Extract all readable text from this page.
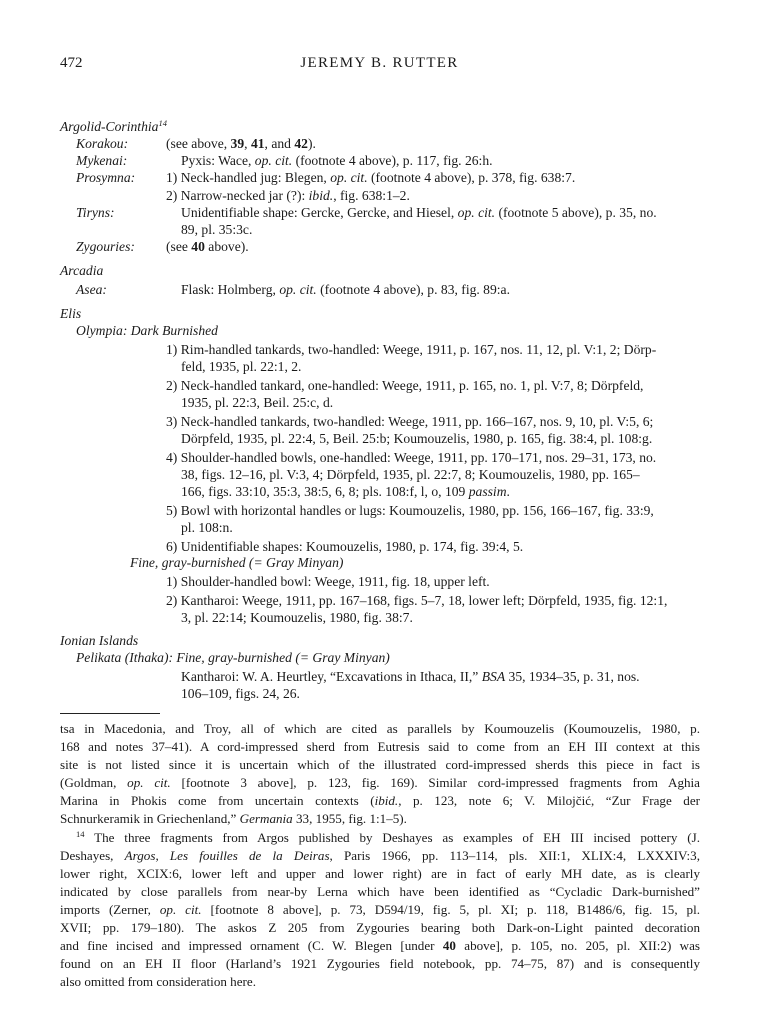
472	JEREMY B. RUTTER
Argolid-Corinthia$^{14}$
Korakou:	(see above, 39, 41, and 42).
Mykenai:	Pyxis: Wace, op. cit. (footnote 4 above), p. 117, fig. 26:h.
Prosymna: 1) Neck-handled jug: Blegen, op. cit. (footnote 4 above), p. 378, fig. 638:7.
2) Narrow-necked jar (?): ibid., fig. 638:1–2.
Tiryns:	Unidentifiable shape: Gercke, Gercke, and Hiesel, op. cit. (footnote 5 above), p. 35, no.
89, pl. 35:3c.
Zygouries: (see 40 above).
Arcadia
Asea:	Flask: Holmberg, op. cit. (footnote 4 above), p. 83, fig. 89:a.
Elis
Olympia: Dark Burnished
1) Rim-handled tankards, two-handled: Weege, 1911, p. 167, nos. 11, 12, pl. V:1, 2; Dörp-
feld, 1935, pl. 22:1, 2.
2) Neck-handled tankard, one-handled: Weege, 1911, p. 165, no. 1, pl. V:7, 8; Dörpfeld,
1935, pl. 22:3, Beil. 25:c, d.
3) Neck-handled tankards, two-handled: Weege, 1911, pp. 166–167, nos. 9, 10, pl. V:5, 6;
Dörpfeld, 1935, pl. 22:4, 5, Beil. 25:b; Koumouzelis, 1980, p. 165, fig. 38:4, pl. 108:g.
4) Shoulder-handled bowls, one-handled: Weege, 1911, pp. 170–171, nos. 29–31, 173, no.
38, figs. 12–16, pl. V:3, 4; Dörpfeld, 1935, pl. 22:7, 8; Koumouzelis, 1980, pp. 165–
166, figs. 33:10, 35:3, 38:5, 6, 8; pls. 108:f, l, o, 109 passim.
5) Bowl with horizontal handles or lugs: Koumouzelis, 1980, pp. 156, 166–167, fig. 33:9,
pl. 108:n.
6) Unidentifiable shapes: Koumouzelis, 1980, p. 174, fig. 39:4, 5.
Fine, gray-burnished (= Gray Minyan)
1) Shoulder-handled bowl: Weege, 1911, fig. 18, upper left.
2) Kantharoi: Weege, 1911, pp. 167–168, figs. 5–7, 18, lower left; Dörpfeld, 1935, fig. 12:1,
3, pl. 22:14; Koumouzelis, 1980, fig. 38:7.
Ionian Islands
Pelikata (Ithaka): Fine, gray-burnished (= Gray Minyan)
Kantharoi: W. A. Heurtley, “Excavations in Ithaca, II,” BSA 35, 1934–35, p. 31, nos.
106–109, figs. 24, 26.
tsa in Macedonia, and Troy, all of which are cited as parallels by Koumouzelis (Koumouzelis, 1980, p.
168 and notes 37–41). A cord-impressed sherd from Eutresis said to come from an EH III context at this
site is not listed since it is uncertain which of the illustrated cord-impressed sherds this piece in fact is
(Goldman, op. cit. [footnote 3 above], p. 123, fig. 169). Similar cord-impressed fragments from Aghia
Marina in Phokis come from uncertain contexts (ibid., p. 123, note 6; V. Milojčić, “Zur Frage der
Schnurkeramik in Griechenland,” Germania 33, 1955, fig. 1:1–5).
$^{14}$ The three fragments from Argos published by Deshayes as examples of EH III incised pottery (J.
Deshayes, Argos, Les fouilles de la Deiras, Paris 1966, pp. 113–114, pls. XII:1, XLIX:4, LXXXIV:3,
lower right, XCIX:6, lower left and upper and lower right) are in fact of early MH date, as is clearly
indicated by close parallels from near-by Lerna which have been identified as “Cycladic Dark-burnished”
imports (Zerner, op. cit. [footnote 8 above], p. 73, D594/19, fig. 5, pl. XI; p. 118, B1486/6, fig. 15, pl.
XVII; pp. 179–180). The askos Z 205 from Zygouries bearing both Dark-on-Light painted decoration
and fine incised and impressed ornament (C. W. Blegen [under 40 above], p. 105, no. 205, pl. XII:2) was
found on an EH II floor (Harland’s 1921 Zygouries field notebook, pp. 74–75, 87) and is consequently
also omitted from consideration here.
